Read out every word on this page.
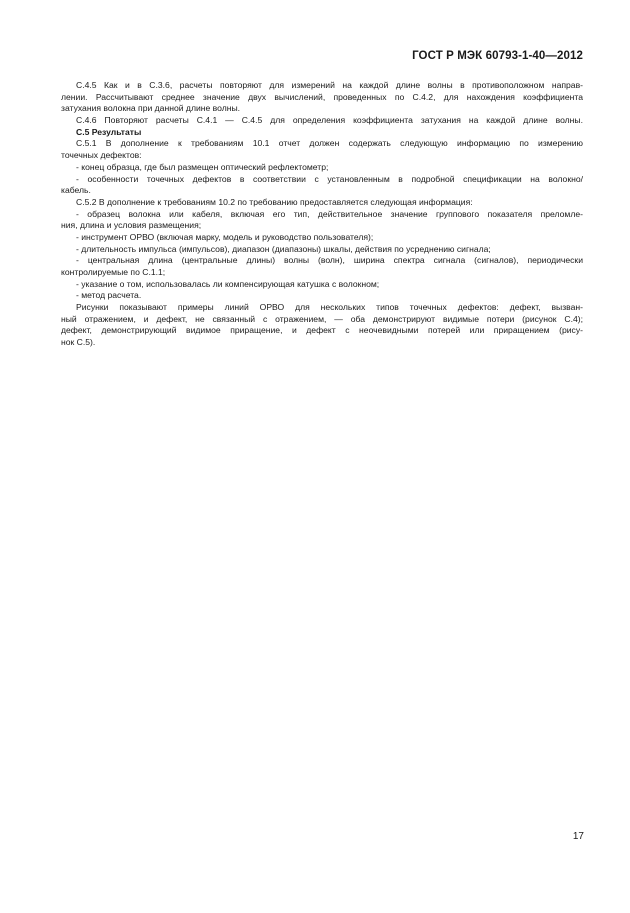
ГОСТ Р МЭК 60793-1-40—2012
С.4.5 Как и в С.3.6, расчеты повторяют для измерений на каждой длине волны в противоположном направ-
лении. Рассчитывают среднее значение двух вычислений, проведенных по С.4.2, для нахождения коэффициента
затухания волокна при данной длине волны.
С.4.6 Повторяют расчеты С.4.1 — С.4.5 для определения коэффициента затухания на каждой длине волны.
С.5 Результаты
С.5.1 В дополнение к требованиям 10.1 отчет должен содержать следующую информацию по измерению
точечных дефектов:
- конец образца, где был размещен оптический рефлектометр;
- особенности точечных дефектов в соответствии с установленным в подробной спецификации на волокно/
кабель.
С.5.2 В дополнение к требованиям 10.2 по требованию предоставляется следующая информация:
- образец волокна или кабеля, включая его тип, действительное значение группового показателя преломле-
ния, длина и условия размещения;
- инструмент ОРВО (включая марку, модель и руководство пользователя);
- длительность импульса (импульсов), диапазон (диапазоны) шкалы, действия по усреднению сигнала;
- центральная длина (центральные длины) волны (волн), ширина спектра сигнала (сигналов), периодически
контролируемые по С.1.1;
- указание о том, использовалась ли компенсирующая катушка с волокном;
- метод расчета.
Рисунки показывают примеры линий ОРВО для нескольких типов точечных дефектов: дефект, вызван-
ный отражением, и дефект, не связанный с отражением, — оба демонстрируют видимые потери (рисунок С.4);
дефект, демонстрирующий видимое приращение, и дефект с неочевидными потерей или приращением (рису-
нок С.5).
17
